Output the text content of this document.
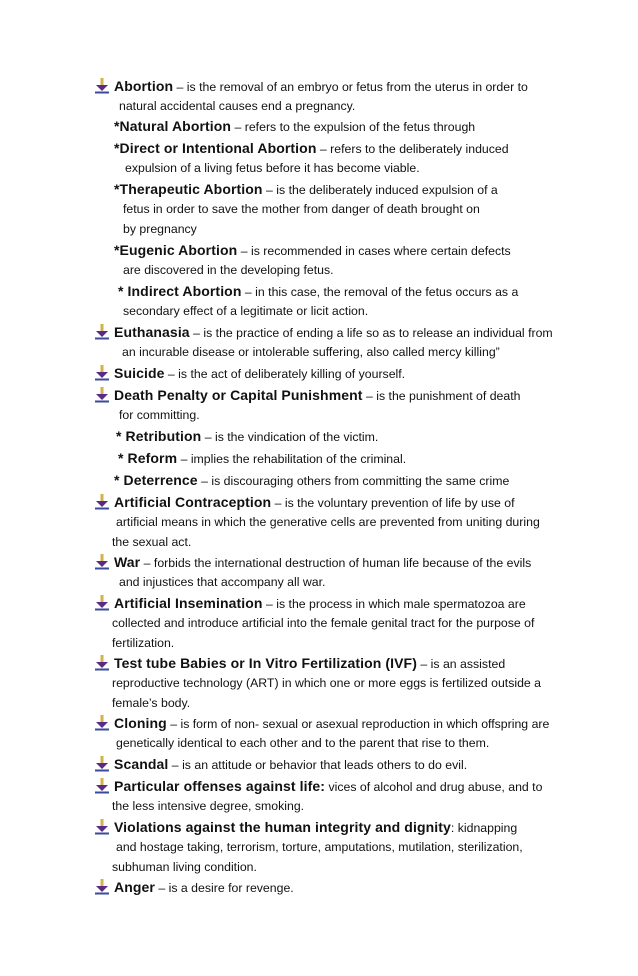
Abortion – is the removal of an embryo or fetus from the uterus in order to
natural accidental causes end a pregnancy.
*Natural Abortion – refers to the expulsion of the fetus through
*Direct or Intentional Abortion – refers to the deliberately induced
expulsion of a living fetus before it has become viable.
*Therapeutic Abortion – is the deliberately induced expulsion of a
fetus in order to save the mother from danger of death brought on
by pregnancy
*Eugenic Abortion – is recommended in cases where certain defects
are discovered in the developing fetus.
* Indirect Abortion – in this case, the removal of the fetus occurs as a
secondary effect of a legitimate or licit action.
Euthanasia – is the practice of ending a life so as to release an individual from
an incurable disease or intolerable suffering, also called mercy killing”
Suicide – is the act of deliberately killing of yourself.
Death Penalty or Capital Punishment – is the punishment of death
for committing.
* Retribution – is the vindication of the victim.
* Reform – implies the rehabilitation of the criminal.
* Deterrence – is discouraging others from committing the same crime
Artificial Contraception – is the voluntary prevention of life by use of
artificial means in which the generative cells are prevented from uniting during
the sexual act.
War – forbids the international destruction of human life because of the evils
and injustices that accompany all war.
Artificial Insemination – is the process in which male spermatozoa are
collected and introduce artificial into the female genital tract for the purpose of
fertilization.
Test tube Babies or In Vitro Fertilization (IVF) – is an assisted
reproductive technology (ART) in which one or more eggs is fertilized outside a
female’s body.
Cloning – is form of non- sexual or asexual reproduction in which offspring are
genetically identical to each other and to the parent that rise to them.
Scandal – is an attitude or behavior that leads others to do evil.
Particular offenses against life: vices of alcohol and drug abuse, and to
the less intensive degree, smoking.
Violations against the human integrity and dignity: kidnapping
and hostage taking, terrorism, torture, amputations, mutilation, sterilization,
subhuman living condition.
Anger – is a desire for revenge.
